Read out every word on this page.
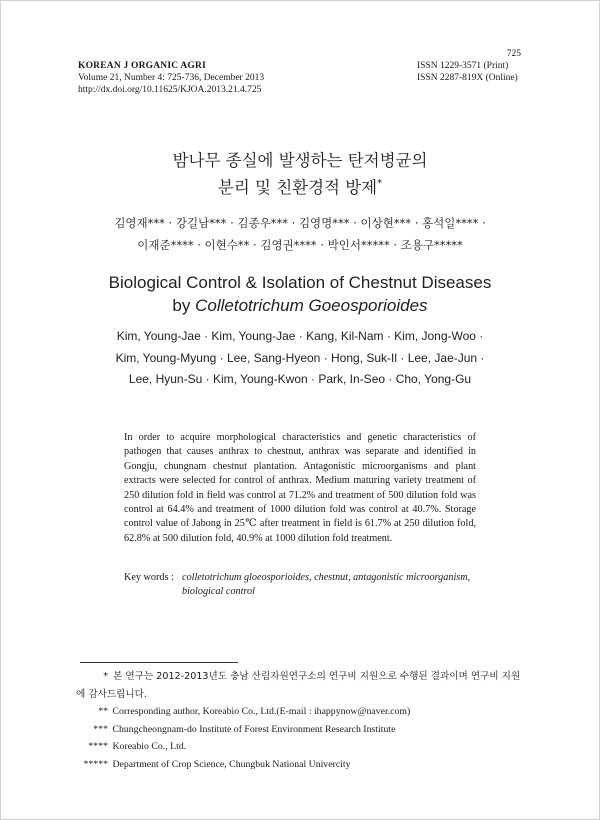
KOREAN J ORGANIC AGRI
Volume 21, Number 4: 725-736, December 2013
http://dx.doi.org/10.11625/KJOA.2013.21.4.725
725
ISSN 1229-3571 (Print)
ISSN 2287-819X (Online)
밤나무 종실에 발생하는 탄저병균의
분리 및 친환경적 방제*
김영재*** · 강길남*** · 김종우*** · 김영명*** · 이상현*** · 홍석일**** ·
이재준**** · 이현수** · 김영권**** · 박인서***** · 조용구*****
Biological Control & Isolation of Chestnut Diseases
by Colletotrichum Goeosporioides
Kim, Young-Jae · Kim, Young-Jae · Kang, Kil-Nam · Kim, Jong-Woo ·
Kim, Young-Myung · Lee, Sang-Hyeon · Hong, Suk-Il · Lee, Jae-Jun ·
Lee, Hyun-Su · Kim, Young-Kwon · Park, In-Seo · Cho, Yong-Gu
In order to acquire morphological characteristics and genetic characteristics of pathogen that causes anthrax to chestnut, anthrax was separate and identified in Gongju, chungnam chestnut plantation. Antagonistic microorganisms and plant extracts were selected for control of anthrax. Medium maturing variety treatment of 250 dilution fold in field was control at 71.2% and treatment of 500 dilution fold was control at 64.4% and treatment of 1000 dilution fold was control at 40.7%. Storage control value of Jabong in 25℃ after treatment in field is 61.7% at 250 dilution fold, 62.8% at 500 dilution fold, 40.9% at 1000 dilution fold treatment.
Key words : colletotrichum gloeosporioides, chestnut, antagonistic microorganism,
biological control
* 본 연구는 2012-2013년도 충남 산림자원연구소의 연구비 지원으로 수행된 결과이며 연구비 지원에 감사드립니다.
** Corresponding author, Koreabio Co., Ltd.(E-mail : ihappynow@naver.com)
*** Chungcheongnam-do Institute of Forest Environment Research Institute
**** Koreabio Co., Ltd.
***** Department of Crop Science, Chungbuk National Univercity
